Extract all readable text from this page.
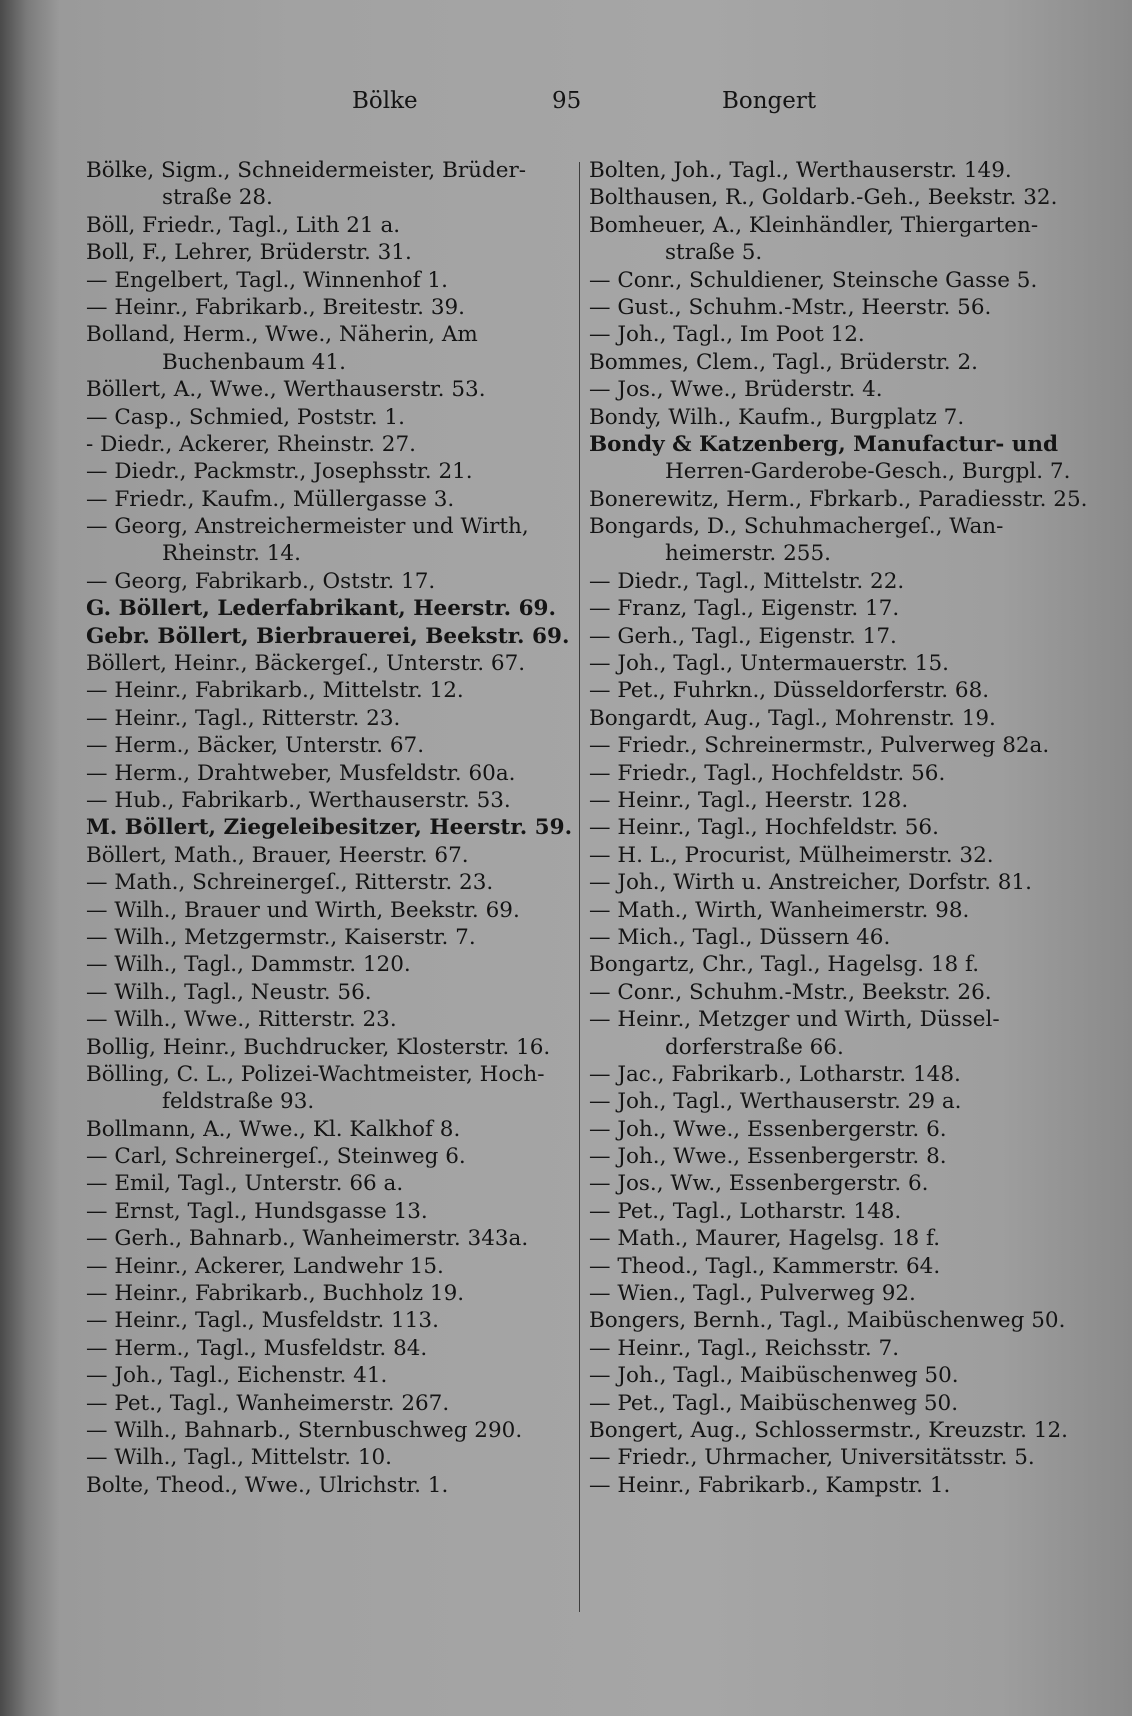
Bölke	95	Bongert
Bölke, Sigm., Schneidermeister, Brüder-
straße 28.
Böll, Friedr., Tagl., Lith 21 a.
Boll, F., Lehrer, Brüderstr. 31.
— Engelbert, Tagl., Winnenhof 1.
— Heinr., Fabrikarb., Breitestr. 39.
Bolland, Herm., Wwe., Näherin, Am
Buchenbaum 41.
Böllert, A., Wwe., Werthauserstr. 53.
— Casp., Schmied, Poststr. 1.
- Diedr., Ackerer, Rheinstr. 27.
— Diedr., Packmstr., Josephsstr. 21.
— Friedr., Kaufm., Müllergasse 3.
— Georg, Anstreichermeister und Wirth,
Rheinstr. 14.
— Georg, Fabrikarb., Oststr. 17.
G. Böllert, Lederfabrikant, Heerstr. 69.
Gebr. Böllert, Bierbrauerei, Beekstr. 69.
Böllert, Heinr., Bäckergeſ., Unterstr. 67.
— Heinr., Fabrikarb., Mittelstr. 12.
— Heinr., Tagl., Ritterstr. 23.
— Herm., Bäcker, Unterstr. 67.
— Herm., Drahtweber, Musfeldstr. 60a.
— Hub., Fabrikarb., Werthauserstr. 53.
M. Böllert, Ziegeleibesitzer, Heerstr. 59.
Böllert, Math., Brauer, Heerstr. 67.
— Math., Schreinergeſ., Ritterstr. 23.
— Wilh., Brauer und Wirth, Beekstr. 69.
— Wilh., Metzgermstr., Kaiserstr. 7.
— Wilh., Tagl., Dammstr. 120.
— Wilh., Tagl., Neustr. 56.
— Wilh., Wwe., Ritterstr. 23.
Bollig, Heinr., Buchdrucker, Klosterstr. 16.
Bölling, C. L., Polizei-Wachtmeister, Hoch-
feldstraße 93.
Bollmann, A., Wwe., Kl. Kalkhof 8.
— Carl, Schreinergeſ., Steinweg 6.
— Emil, Tagl., Unterstr. 66 a.
— Ernst, Tagl., Hundsgasse 13.
— Gerh., Bahnarb., Wanheimerstr. 343a.
— Heinr., Ackerer, Landwehr 15.
— Heinr., Fabrikarb., Buchholz 19.
— Heinr., Tagl., Musfeldstr. 113.
— Herm., Tagl., Musfeldstr. 84.
— Joh., Tagl., Eichenstr. 41.
— Pet., Tagl., Wanheimerstr. 267.
— Wilh., Bahnarb., Sternbuschweg 290.
— Wilh., Tagl., Mittelstr. 10.
Bolte, Theod., Wwe., Ulrichstr. 1.
Bolten, Joh., Tagl., Werthauserstr. 149.
Bolthausen, R., Goldarb.-Geh., Beekstr. 32.
Bomheuer, A., Kleinhändler, Thiergarten-
straße 5.
— Conr., Schuldiener, Steinsche Gasse 5.
— Gust., Schuhm.-Mstr., Heerstr. 56.
— Joh., Tagl., Im Poot 12.
Bommes, Clem., Tagl., Brüderstr. 2.
— Jos., Wwe., Brüderstr. 4.
Bondy, Wilh., Kaufm., Burgplatz 7.
Bondy & Katzenberg, Manufactur- und
Herren-Garderobe-Gesch., Burgpl. 7.
Bonerewitz, Herm., Fbrkarb., Paradiesstr. 25.
Bongards, D., Schuhmachergeſ., Wan-
heimerstr. 255.
— Diedr., Tagl., Mittelstr. 22.
— Franz, Tagl., Eigenstr. 17.
— Gerh., Tagl., Eigenstr. 17.
— Joh., Tagl., Untermauerstr. 15.
— Pet., Fuhrkn., Düsseldorferstr. 68.
Bongardt, Aug., Tagl., Mohrenstr. 19.
— Friedr., Schreinermstr., Pulverweg 82a.
— Friedr., Tagl., Hochfeldstr. 56.
— Heinr., Tagl., Heerstr. 128.
— Heinr., Tagl., Hochfeldstr. 56.
— H. L., Procurist, Mülheimerstr. 32.
— Joh., Wirth u. Anstreicher, Dorfstr. 81.
— Math., Wirth, Wanheimerstr. 98.
— Mich., Tagl., Düssern 46.
Bongartz, Chr., Tagl., Hagelsg. 18 f.
— Conr., Schuhm.-Mstr., Beekstr. 26.
— Heinr., Metzger und Wirth, Düssel-
dorferstraße 66.
— Jac., Fabrikarb., Lotharstr. 148.
— Joh., Tagl., Werthauserstr. 29 a.
— Joh., Wwe., Essenbergerstr. 6.
— Joh., Wwe., Essenbergerstr. 8.
— Jos., Ww., Essenbergerstr. 6.
— Pet., Tagl., Lotharstr. 148.
— Math., Maurer, Hagelsg. 18 f.
— Theod., Tagl., Kammerstr. 64.
— Wien., Tagl., Pulverweg 92.
Bongers, Bernh., Tagl., Maibüschenweg 50.
— Heinr., Tagl., Reichsstr. 7.
— Joh., Tagl., Maibüschenweg 50.
— Pet., Tagl., Maibüschenweg 50.
Bongert, Aug., Schlossermstr., Kreuzstr. 12.
— Friedr., Uhrmacher, Universitätsstr. 5.
— Heinr., Fabrikarb., Kampstr. 1.
